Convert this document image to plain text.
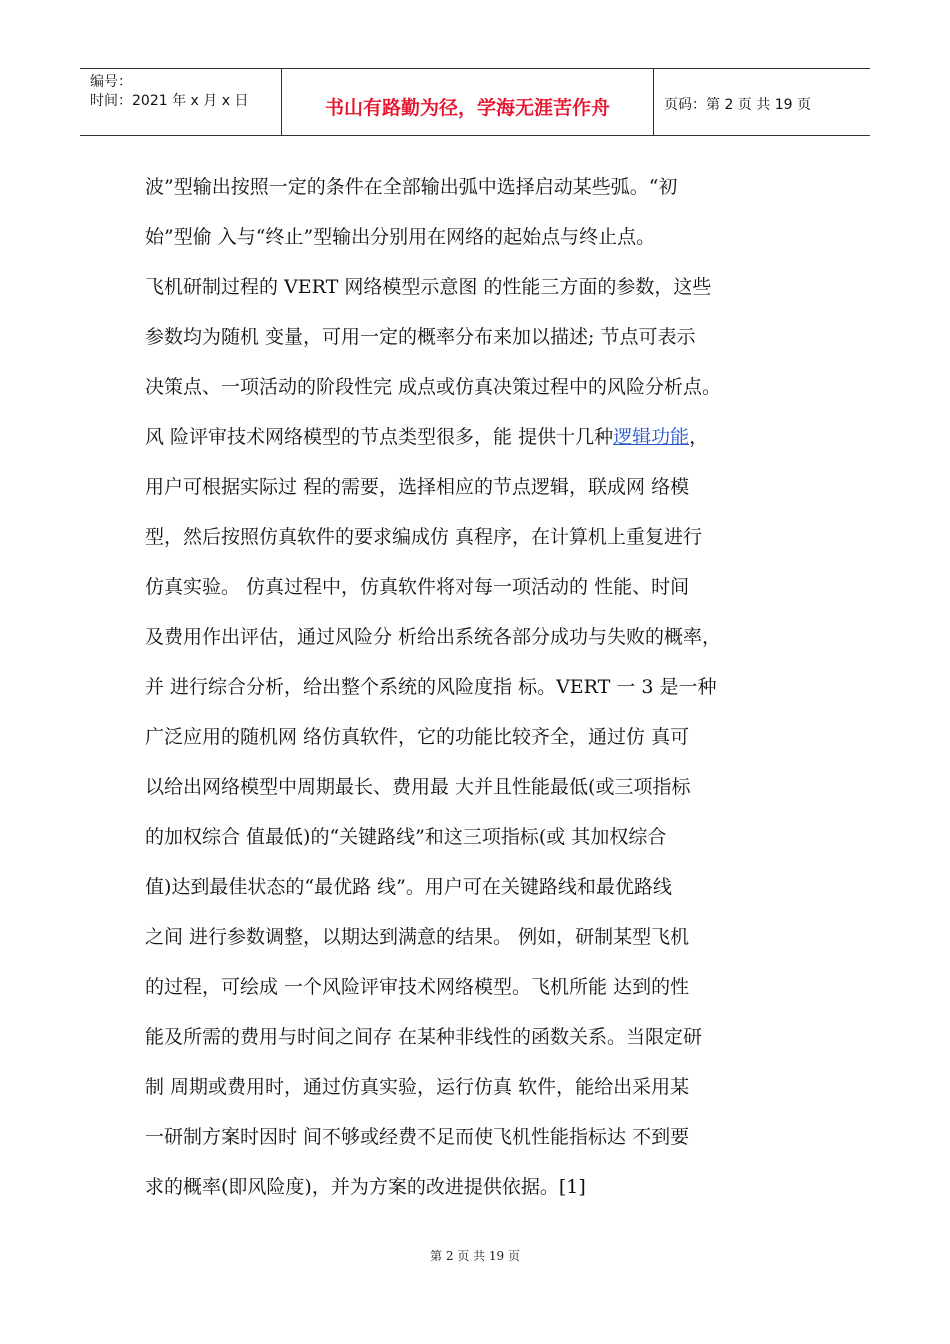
编号：
时间：2021 年 x 月 x 日	书山有路勤为径，学海无涯苦作舟	页码：第 2 页 共 19 页
波”型输出按照一定的条件在全部输出弧中选择启动某些弧。“初
始”型偷 入与“终止”型输出分别用在网络的起始点与终止点。
飞机研制过程的 VERT 网络模型示意图 的性能三方面的参数，这些
参数均为随机 变量，可用一定的概率分布来加以描述; 节点可表示
决策点、一项活动的阶段性完 成点或仿真决策过程中的风险分析点。
风 险评审技术网络模型的节点类型很多，能 提供十几种逻辑功能，
用户可根据实际过 程的需要，选择相应的节点逻辑，联成网 络模
型，然后按照仿真软件的要求编成仿 真程序，在计算机上重复进行
仿真实验。 仿真过程中，仿真软件将对每一项活动的 性能、时间
及费用作出评估，通过风险分 析给出系统各部分成功与失败的概率，
并 进行综合分析，给出整个系统的风险度指 标。VERT 一 3 是一种
广泛应用的随机网 络仿真软件，它的功能比较齐全，通过仿 真可
以给出网络模型中周期最长、费用最 大并且性能最低(或三项指标
的加权综合 值最低)的“关键路线”和这三项指标(或 其加权综合
值)达到最佳状态的“最优路 线”。用户可在关键路线和最优路线
之间 进行参数调整，以期达到满意的结果。 例如，研制某型飞机
的过程，可绘成 一个风险评审技术网络模型。飞机所能 达到的性
能及所需的费用与时间之间存 在某种非线性的函数关系。当限定研
制 周期或费用时，通过仿真实验，运行仿真 软件，能给出采用某
一研制方案时因时 间不够或经费不足而使飞机性能指标达 不到要
求的概率(即风险度)，并为方案的改进提供依据。[1]
第 2 页 共 19 页
